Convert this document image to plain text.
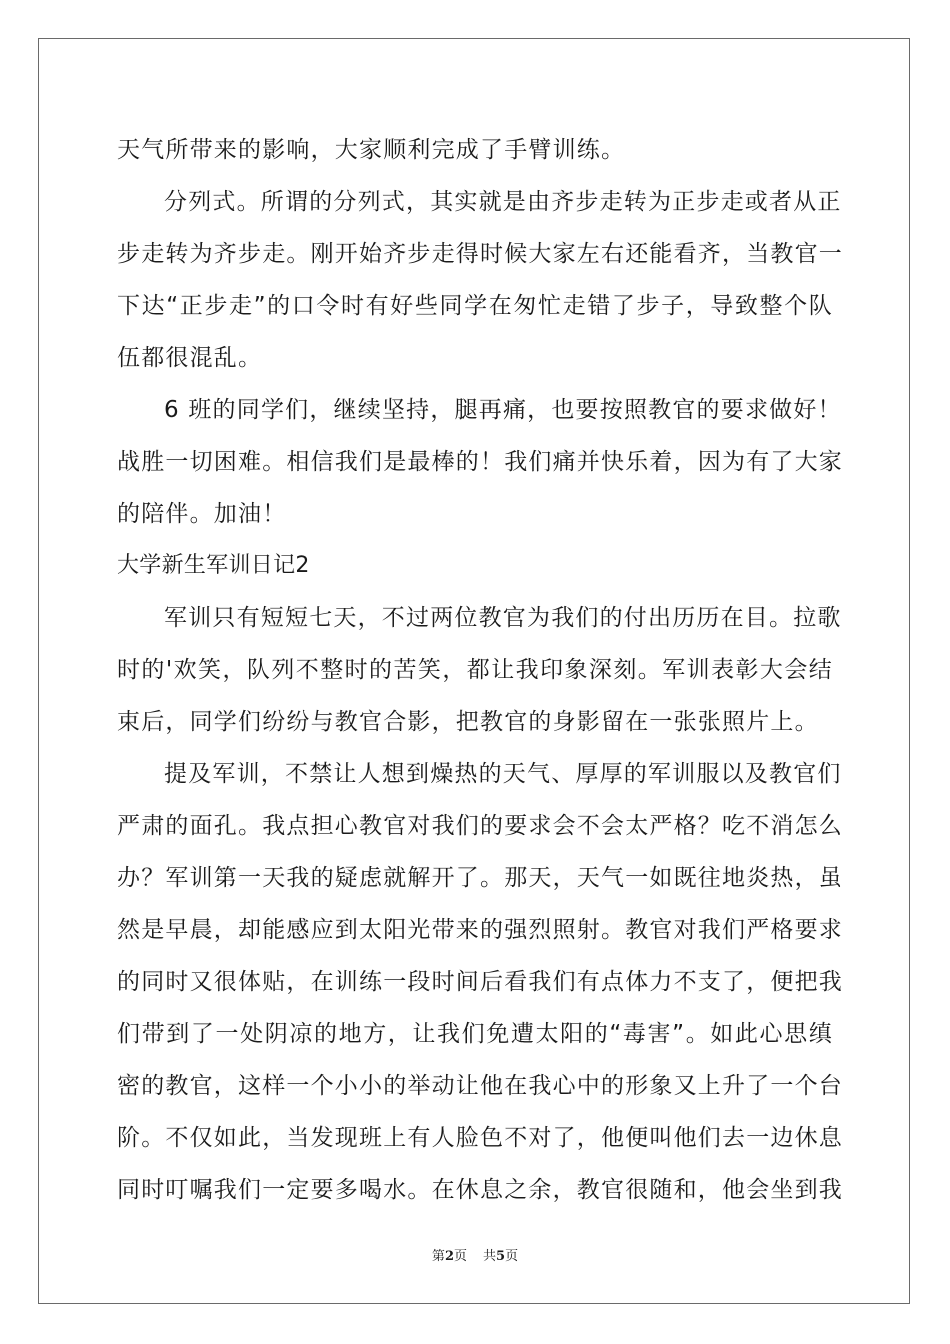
天气所带来的影响，大家顺利完成了手臂训练。
分列式。所谓的分列式，其实就是由齐步走转为正步走或者从正
步走转为齐步走。刚开始齐步走得时候大家左右还能看齐，当教官一
下达“正步走”的口令时有好些同学在匆忙走错了步子，导致整个队
伍都很混乱。
6 班的同学们，继续坚持，腿再痛，也要按照教官的要求做好！
战胜一切困难。相信我们是最棒的！我们痛并快乐着，因为有了大家
的陪伴。加油！
大学新生军训日记2
军训只有短短七天，不过两位教官为我们的付出历历在目。拉歌
时的'欢笑，队列不整时的苦笑，都让我印象深刻。军训表彰大会结
束后，同学们纷纷与教官合影，把教官的身影留在一张张照片上。
提及军训，不禁让人想到燥热的天气、厚厚的军训服以及教官们
严肃的面孔。我点担心教官对我们的要求会不会太严格？吃不消怎么
办？军训第一天我的疑虑就解开了。那天，天气一如既往地炎热，虽
然是早晨，却能感应到太阳光带来的强烈照射。教官对我们严格要求
的同时又很体贴，在训练一段时间后看我们有点体力不支了，便把我
们带到了一处阴凉的地方，让我们免遭太阳的“毒害”。如此心思缜
密的教官，这样一个小小的举动让他在我心中的形象又上升了一个台
阶。不仅如此，当发现班上有人脸色不对了，他便叫他们去一边休息
同时叮嘱我们一定要多喝水。在休息之余，教官很随和，他会坐到我
第2页 共5页
